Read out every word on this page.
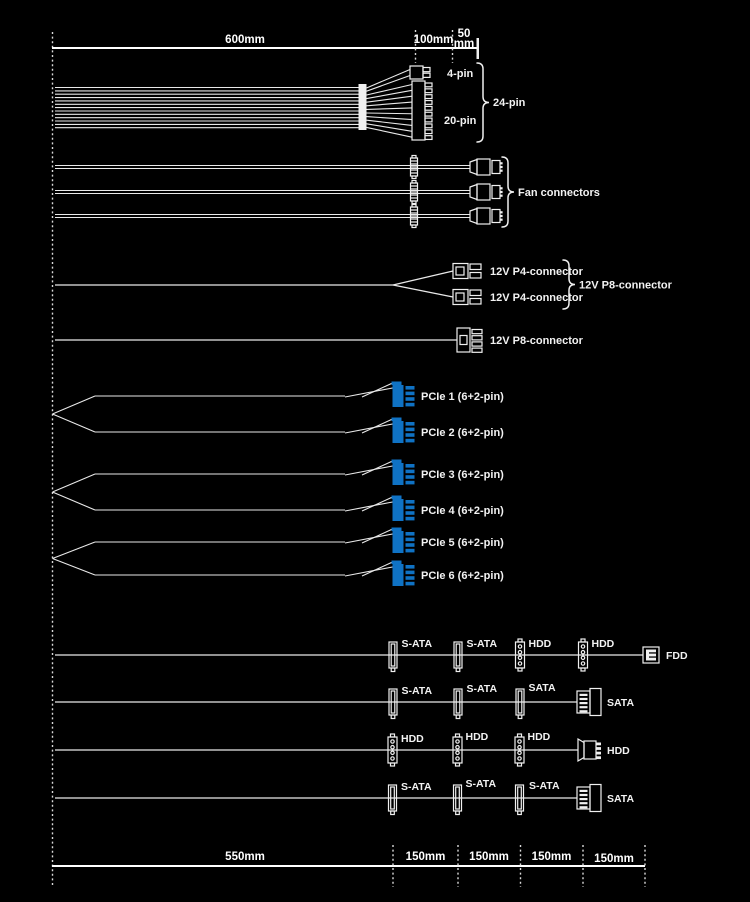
600mm	100mm 50
mm
4-pin
20-pin
24-pin
Fan connectors
12V P4-connector
12V P4-connector
12V P8-connector
12V P8-connector
PCIe 1 (6+2-pin)
PCIe 2 (6+2-pin)
PCIe 3 (6+2-pin)
PCIe 4 (6+2-pin)
PCIe 5 (6+2-pin)
PCIe 6 (6+2-pin)
S-ATA	S-ATA	HDD	HDD
FDD
S-ATA	S-ATA	SATA
SATA
HDD	HDD	HDD
HDD
S-ATA	S-ATA	S-ATA
SATA
550mm	150mm 150mm 150mm 150mm
